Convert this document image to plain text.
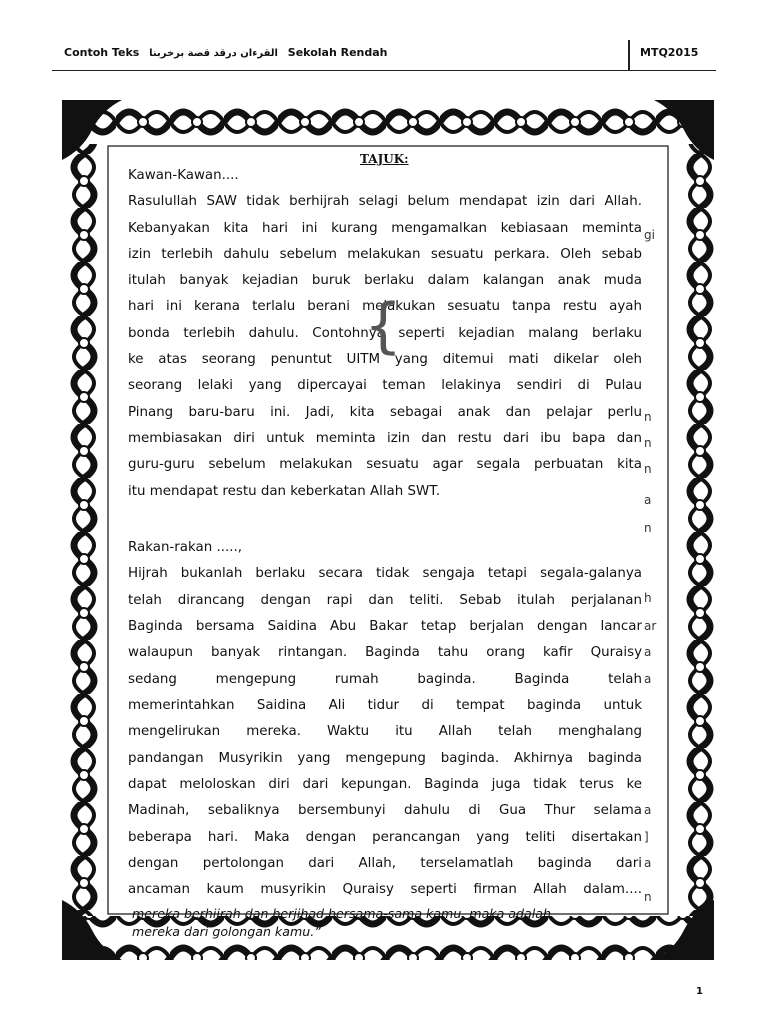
Contoh Teks القرءان درقد قصة برخربنا Sekolah Rendah	MTQ2015
TAJUK:
Kawan-Kawan....
Rasulullah SAW tidak berhijrah selagi belum mendapat izin dari Allah.
Kebanyakan kita hari ini kurang mengamalkan kebiasaan meminta
izin terlebih dahulu sebelum melakukan sesuatu perkara. Oleh sebab
itulah banyak kejadian buruk berlaku dalam kalangan anak muda
hari ini kerana terlalu berani melakukan sesuatu tanpa restu ayah
bonda terlebih dahulu. Contohnya seperti kejadian malang berlaku
ke atas seorang penuntut UITM yang ditemui mati dikelar oleh
seorang lelaki yang dipercayai teman lelakinya sendiri di Pulau
Pinang baru-baru ini. Jadi, kita sebagai anak dan pelajar perlu
membiasakan diri untuk meminta izin dan restu dari ibu bapa dan
guru-guru sebelum melakukan sesuatu agar segala perbuatan kita
itu mendapat restu dan keberkatan Allah SWT.
{
Rakan-rakan .....,
Hijrah bukanlah berlaku secara tidak sengaja tetapi segala-galanya
telah dirancang dengan rapi dan teliti. Sebab itulah perjalanan
Baginda bersama Saidina Abu Bakar tetap berjalan dengan lancar
walaupun banyak rintangan. Baginda tahu orang kafir Quraisy
sedang mengepung rumah baginda. Baginda telah
memerintahkan Saidina Ali tidur di tempat baginda untuk
mengelirukan mereka. Waktu itu Allah telah menghalang
pandangan Musyrikin yang mengepung baginda. Akhirnya baginda
dapat meloloskan diri dari kepungan. Baginda juga tidak terus ke
Madinah, sebaliknya bersembunyi dahulu di Gua Thur selama
beberapa hari. Maka dengan perancangan yang teliti disertakan
dengan pertolongan dari Allah, terselamatlah baginda dari
ancaman kaum musyrikin Quraisy seperti firman Allah dalam....
mereka berhijrah dan berjihad bersama-sama kamu, maka adalah
mereka dari golongan kamu.”
gi
n
n
n
a
n
h
ar
a
a
a
]
a
n
1
